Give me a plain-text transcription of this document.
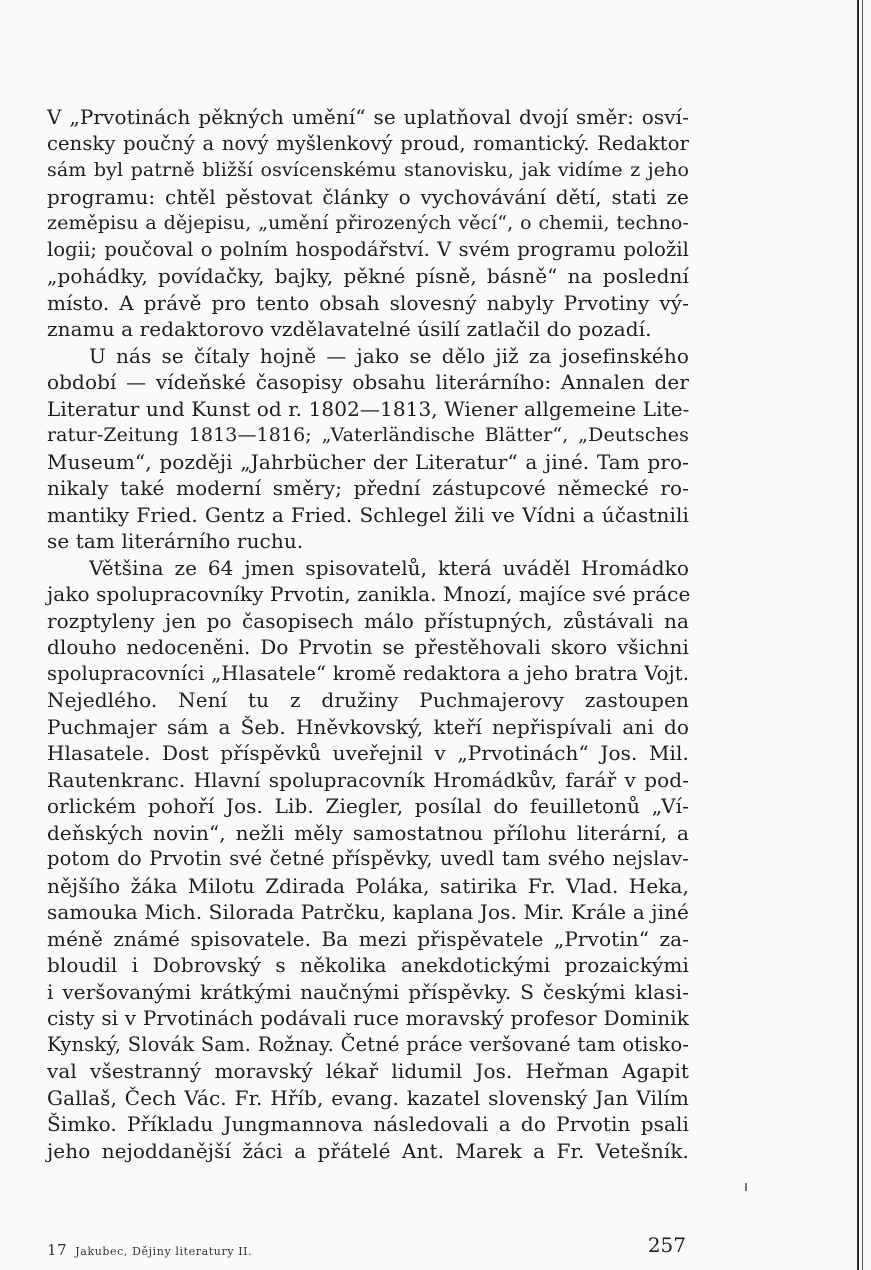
V „Prvotinách pěkných umění“ se uplatňoval dvojí směr: osví-
censky poučný a nový myšlenkový proud, romantický. Redaktor
sám byl patrně bližší osvícenskému stanovisku, jak vidíme z jeho
programu: chtěl pěstovat články o vychovávání dětí, stati ze
zeměpisu a dějepisu, „umění přirozených věcí“, o chemii, techno-
logii; poučoval o polním hospodářství. V svém programu položil
„pohádky, povídačky, bajky, pěkné písně, básně“ na poslední
místo. A právě pro tento obsah slovesný nabyly Prvotiny vý-
znamu a redaktorovo vzdělavatelné úsilí zatlačil do pozadí.
U nás se čítaly hojně — jako se dělo již za josefinského
období — vídeňské časopisy obsahu literárního: Annalen der
Literatur und Kunst od r. 1802—1813, Wiener allgemeine Lite-
ratur-Zeitung 1813—1816; „Vaterländische Blätter“, „Deutsches
Museum“, později „Jahrbücher der Literatur“ a jiné. Tam pro-
nikaly také moderní směry; přední zástupcové německé ro-
mantiky Fried. Gentz a Fried. Schlegel žili ve Vídni a účastnili
se tam literárního ruchu.
Většina ze 64 jmen spisovatelů, která uváděl Hromádko
jako spolupracovníky Prvotin, zanikla. Mnozí, majíce své práce
rozptyleny jen po časopisech málo přístupných, zůstávali na
dlouho nedoceněni. Do Prvotin se přestěhovali skoro všichni
spolupracovníci „Hlasatele“ kromě redaktora a jeho bratra Vojt.
Nejedlého. Není tu z družiny Puchmajerovy zastoupen
Puchmajer sám a Šeb. Hněvkovský, kteří nepřispívali ani do
Hlasatele. Dost příspěvků uveřejnil v „Prvotinách“ Jos. Mil.
Rautenkranc. Hlavní spolupracovník Hromádkův, farář v pod-
orlickém pohoří Jos. Lib. Ziegler, posílal do feuilletonů „Ví-
deňských novin“, nežli měly samostatnou přílohu literární, a
potom do Prvotin své četné příspěvky, uvedl tam svého nejslav-
nějšího žáka Milotu Zdirada Poláka, satirika Fr. Vlad. Heka,
samouka Mich. Silorada Patrčku, kaplana Jos. Mir. Krále a jiné
méně známé spisovatele. Ba mezi přispěvatele „Prvotin“ za-
bloudil i Dobrovský s několika anekdotickými prozaickými
i veršovanými krátkými naučnými příspěvky. S českými klasi-
cisty si v Prvotinách podávali ruce moravský profesor Dominik
Kynský, Slovák Sam. Rožnay. Četné práce veršované tam otisko-
val všestranný moravský lékař lidumil Jos. Heřman Agapit
Gallaš, Čech Vác. Fr. Hříb, evang. kazatel slovenský Jan Vilím
Šimko. Příkladu Jungmannova následovali a do Prvotin psali
jeho nejoddanější žáci a přátelé Ant. Marek a Fr. Vetešník.
17 Jakubec, Dějiny literatury II.	257
